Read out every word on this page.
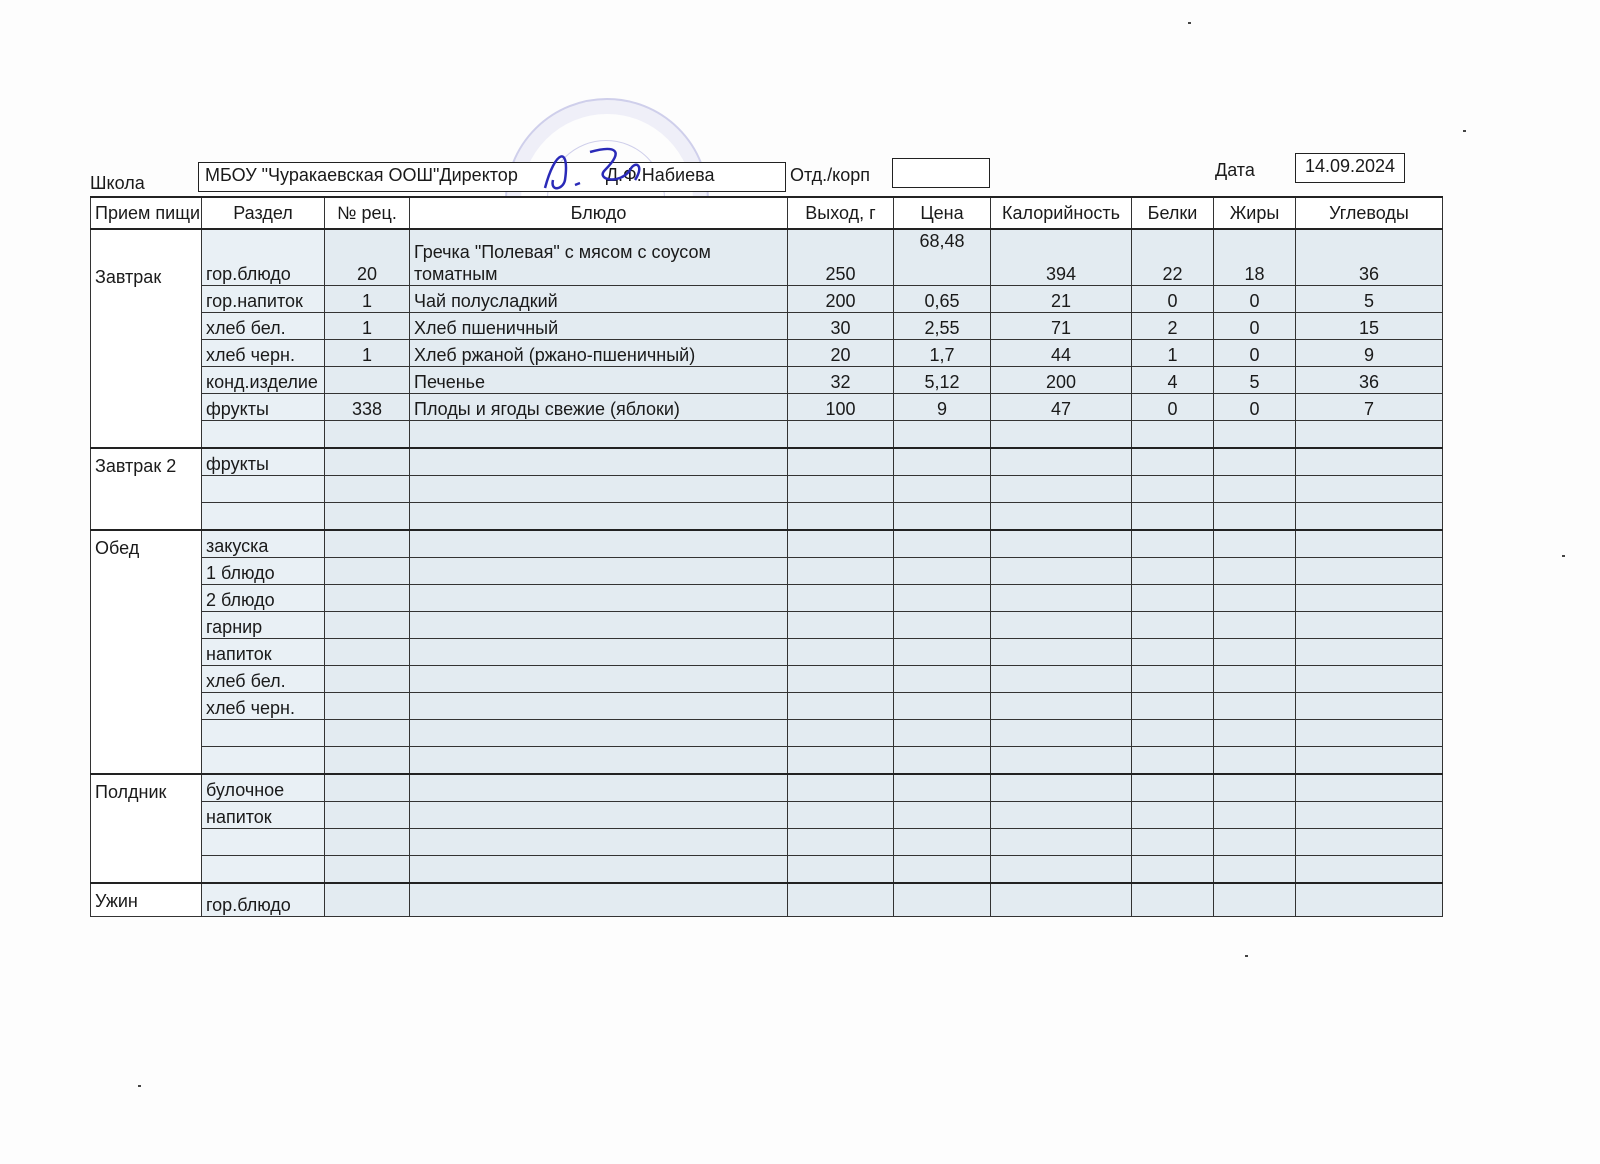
Школа	МБОУ "Чуракаевская ООШ"Директор	Д.Ф.Набиева	Отд./корп	Дата	14.09.2024
Прием пищи	Раздел	№ рец.	Блюдо	Выход, г	Цена	Калорийность	Белки	Жиры	Углеводы
Завтрак	гор.блюдо	20	Гречка "Полевая" с мясом с соусом томатным	250	68,48	394	22	18	36
	гор.напиток	1	Чай полусладкий	200	0,65	21	0	0	5
	хлеб бел.	1	Хлеб пшеничный	30	2,55	71	2	0	15
	хлеб черн.	1	Хлеб ржаной (ржано-пшеничный)	20	1,7	44	1	0	9
	конд.изделие		Печенье	32	5,12	200	4	5	36
	фрукты	338	Плоды и ягоды свежие (яблоки)	100	9	47	0	0	7

Завтрак 2	фрукты								

Обед	закуска								
	1 блюдо								
	2 блюдо								
	гарнир								
	напиток								
	хлеб бел.								
	хлеб черн.								

Полдник	булочное								
	напиток								

Ужин	гор.блюдо								
